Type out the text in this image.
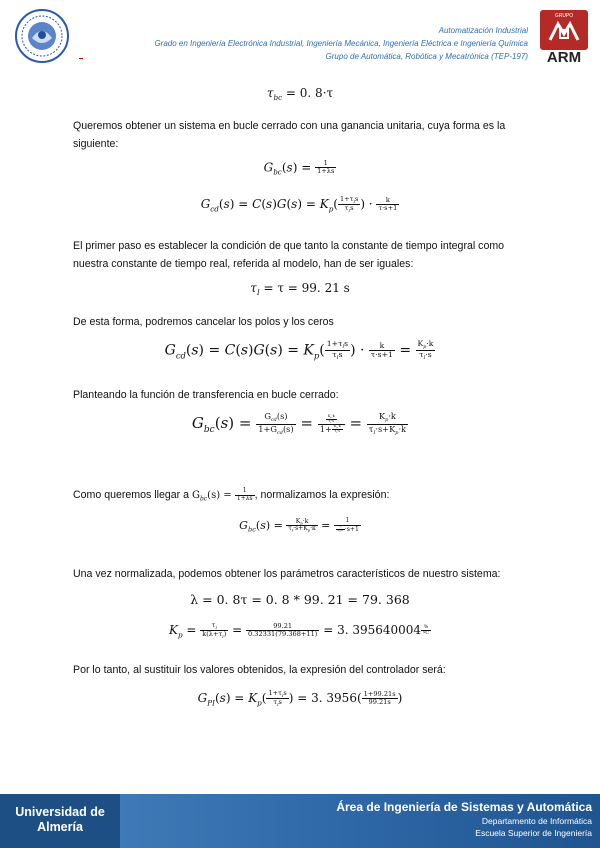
Automatización Industrial
Grado en Ingeniería Electrónica Industrial, Ingeniería Mecánica, Ingeniería Eléctrica e Ingeniería Química
Grupo de Automática, Robótica y Mecatrónica (TEP-197)
GRUPO
ARM
$\tau_{bc} = 0$. 8·τ
Queremos obtener un sistema en bucle cerrado con una ganancia unitaria, cuya forma es la siguiente:
$G_{bc}(s) = \frac{1}{1+\lambda s}$
$G_{cd}(s) = C(s)G(s) = K_p( \frac{1+\tau_Is}{\tau_Is}$ ) · $\frac{k}{\tau\cdot s+1}$
El primer paso es establecer la condición de que tanto la constante de tiempo integral como nuestra constante de tiempo real, referida al modelo, han de ser iguales:
$\tau_I = \tau = 99$. 21 s
De esta forma, podremos cancelar los polos y los ceros
$G_{cd}(s) = C(s)G(s) = K_p( \frac{1+\tau_Is}{\tau_Is}$ ) · $\frac{k}{\tau\cdot s+1} = \frac{K_p\cdot k}{\tau_I\cdot s}$
Planteando la función de transferencia en bucle cerrado:
$G_{bc}(s) = \frac{G_{cd}(s)}{1+G_{cd}(s)} = \frac{\frac{K_p\cdot k}{\tau_I\cdot s}}{1+ \frac{K_p\cdot k}{\tau_I\cdot s}} = \frac{K_p\cdot k}{\tau_I\cdot s+K_p\cdot k}$
Como queremos llegar a $G_{bc}(s) = \frac{1}{1+\lambda s}$ , normalizamos la expresión:
$G_{bc}(s) = \frac{K_p\cdot k}{\tau_I\cdot s+K_p\cdot k} = \frac{1}{\frac{\tau_I}{K_p\cdot k} \cdot s+1}$
Una vez normalizada, podemos obtener los parámetros característicos de nuestro sistema:
λ = 0. 8τ = 0. 8 * 99. 21 = 79. 368
$K_p = \frac{\tau_I}{k(\lambda+\tau_I)} = \frac{99.21}{0.32331(79.368+11)} = 3$. $395640004 \frac{\%}{\text{ºC}}$
Por lo tanto, al sustituir los valores obtenidos, la expresión del controlador será:
$G_{PI}(s) = K_p( \frac{1+\tau_Is}{\tau_Is}$ ) = 3. $3956( \frac{1+99.21s}{99.21s}$ )
Universidad de
Almería
Área de Ingeniería de Sistemas y Automática
Departamento de Informática
Escuela Superior de Ingeniería
